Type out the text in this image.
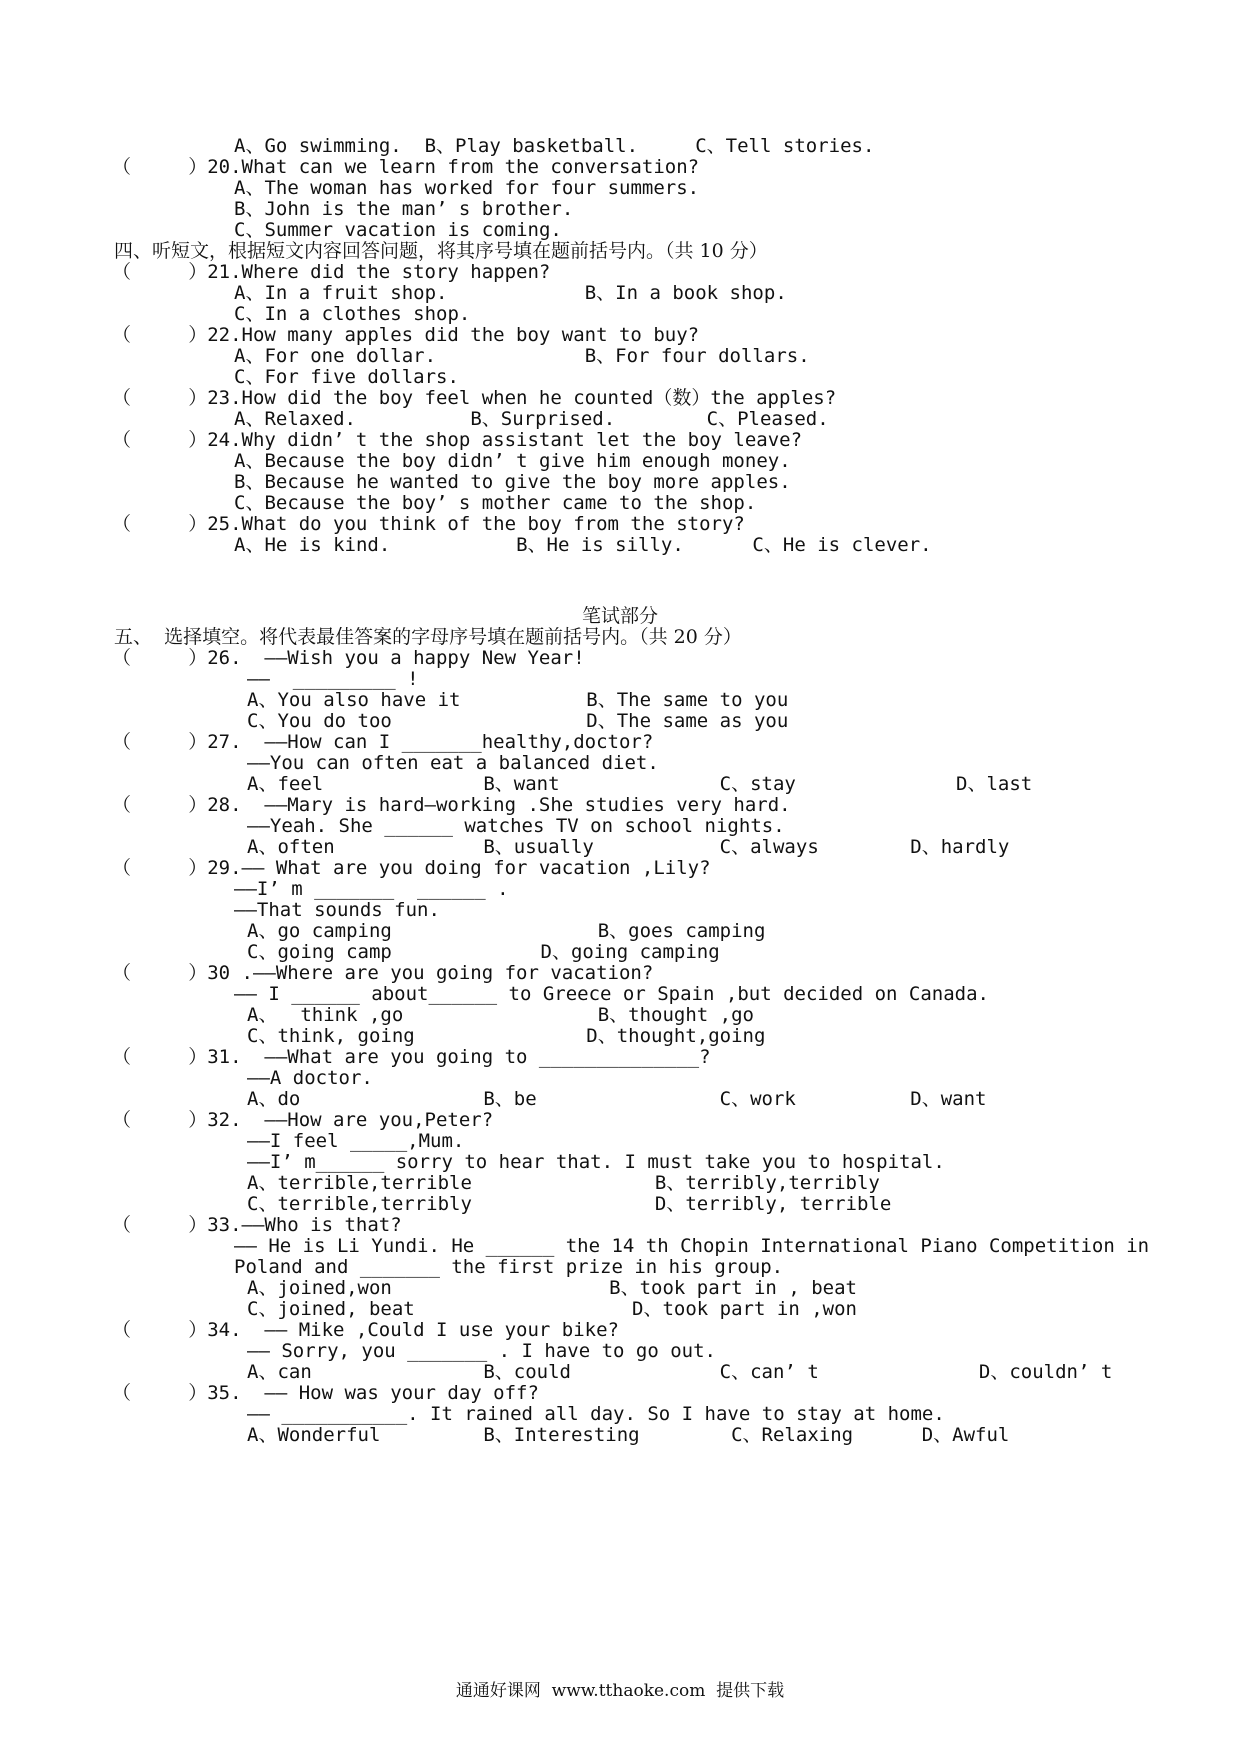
A、Go swimming.  B、Play basketball.     C、Tell stories.
（     ）20.What can we learn from the conversation?
A、The woman has worked for four summers.
B、John is the man’ s brother.
C、Summer vacation is coming.
四、听短文，根据短文内容回答问题，将其序号填在题前括号内。（共 10 分）
（     ）21.Where did the story happen?
A、In a fruit shop.            B、In a book shop.
C、In a clothes shop.
（     ）22.How many apples did the boy want to buy?
A、For one dollar.             B、For four dollars.
C、For five dollars.
（     ）23.How did the boy feel when he counted（数）the apples?
A、Relaxed.          B、Surprised.        C、Pleased.
（     ）24.Why didn’ t the shop assistant let the boy leave?
A、Because the boy didn’ t give him enough money.
B、Because he wanted to give the boy more apples.
C、Because the boy’ s mother came to the shop.
（     ）25.What do you think of the boy from the story?
A、He is kind.           B、He is silly.      C、He is clever.
笔试部分
五、  选择填空。将代表最佳答案的字母序号填在题前括号内。（共 20 分）
（     ）26.  ——Wish you a happy New Year!
——  _________ !
A、You also have it           B、The same to you
C、You do too                 D、The same as you
（     ）27.  ——How can I _______healthy,doctor?
——You can often eat a balanced diet.
A、feel              B、want              C、stay              D、last
（     ）28.  ——Mary is hard—working .She studies very hard.
——Yeah. She ______ watches TV on school nights.
A、often             B、usually           C、always        D、hardly
（     ）29.—— What are you doing for vacation ,Lily?
——I’ m _______  ______ .
——That sounds fun.
A、go camping                  B、goes camping
C、going camp             D、going camping
（     ）30 .——Where are you going for vacation?
—— I ______ about______ to Greece or Spain ,but decided on Canada.
A、  think ,go                 B、thought ,go
C、think, going               D、thought,going
（     ）31.  ——What are you going to ______________?
——A doctor.
A、do                B、be                C、work          D、want
（     ）32.  ——How are you,Peter?
——I feel _____,Mum.
——I’ m______ sorry to hear that. I must take you to hospital.
A、terrible,terrible                B、terribly,terribly
C、terrible,terribly                D、terribly, terrible
（     ）33.——Who is that?
—— He is Li Yundi. He ______ the 14 th Chopin International Piano Competition in
Poland and _______ the first prize in his group.
A、joined,won                   B、took part in , beat
C、joined, beat                   D、took part in ,won
（     ）34.  —— Mike ,Could I use your bike?
—— Sorry, you _______ . I have to go out.
A、can               B、could             C、can’ t              D、couldn’ t
（     ）35.  —— How was your day off?
—— ___________. It rained all day. So I have to stay at home.
A、Wonderful         B、Interesting        C、Relaxing      D、Awful
通通好课网  www.tthaoke.com  提供下载
